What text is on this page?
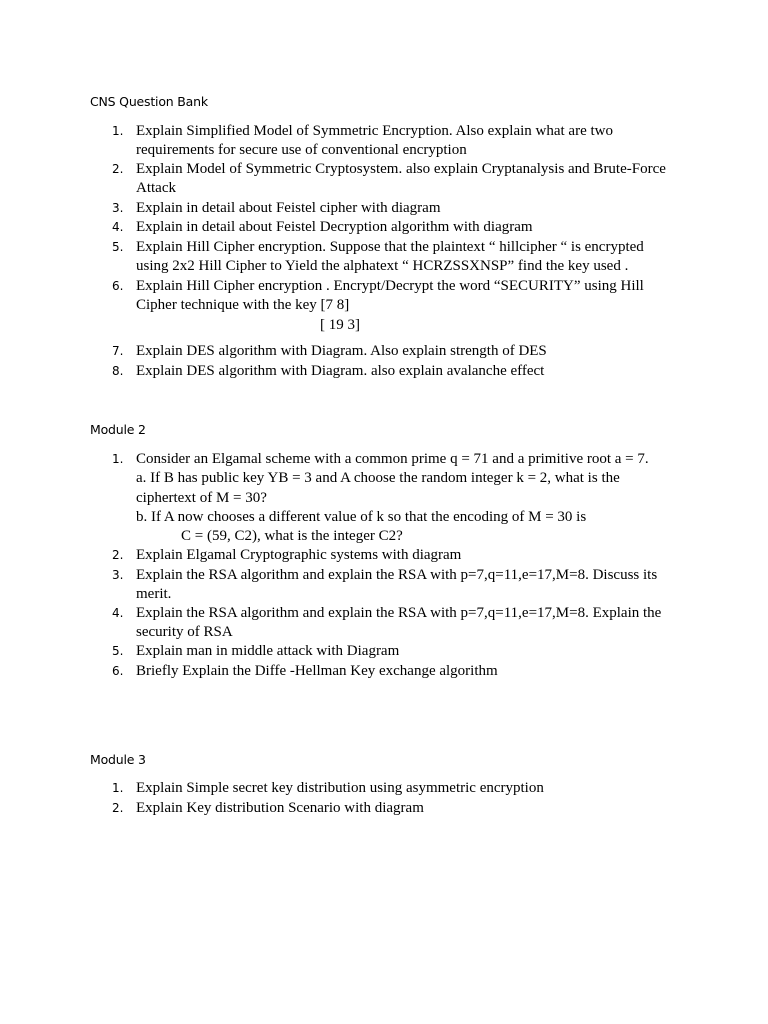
CNS Question Bank
1. Explain Simplified Model of Symmetric Encryption. Also explain what are two
requirements for secure use of conventional encryption
2. Explain Model of Symmetric Cryptosystem. also explain Cryptanalysis and Brute-Force
Attack
3. Explain in detail about Feistel cipher with diagram
4. Explain in detail about Feistel Decryption algorithm with diagram
5. Explain Hill Cipher encryption. Suppose that the plaintext “ hillcipher “ is encrypted
using 2x2 Hill Cipher to Yield the alphatext “ HCRZSSXNSP” find the key used .
6. Explain Hill Cipher encryption . Encrypt/Decrypt the word “SECURITY” using Hill
Cipher technique with the key [7 8]
[ 19 3]
7. Explain DES algorithm with Diagram. Also explain strength of DES
8. Explain DES algorithm with Diagram. also explain avalanche effect
Module 2
1. Consider an Elgamal scheme with a common prime q = 71 and a primitive root a = 7.
a. If B has public key YB = 3 and A choose the random integer k = 2, what is the
ciphertext of M = 30?
b. If A now chooses a different value of k so that the encoding of M = 30 is
C = (59, C2), what is the integer C2?
2. Explain Elgamal Cryptographic systems with diagram
3. Explain the RSA algorithm and explain the RSA with p=7,q=11,e=17,M=8. Discuss its
merit.
4. Explain the RSA algorithm and explain the RSA with p=7,q=11,e=17,M=8. Explain the
security of RSA
5. Explain man in middle attack with Diagram
6. Briefly Explain the Diffe -Hellman Key exchange algorithm
Module 3
1. Explain Simple secret key distribution using asymmetric encryption
2. Explain Key distribution Scenario with diagram
